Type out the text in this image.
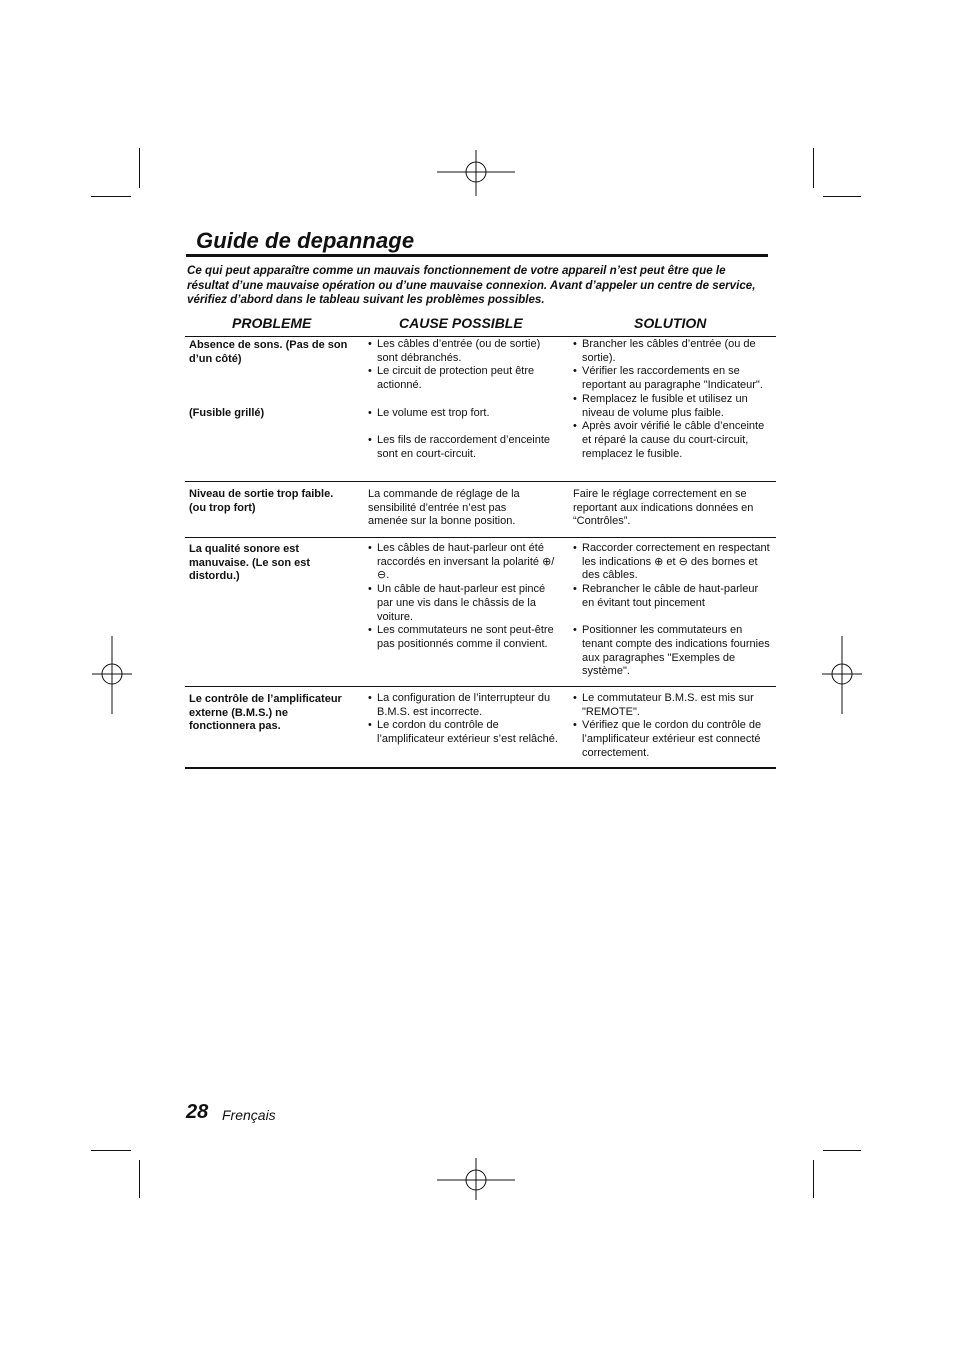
Guide de depannage
Ce qui peut apparaître comme un mauvais fonctionnement de votre appareil n’est peut être que le résultat d’une mauvaise opération ou d’une mauvaise connexion. Avant d’appeler un centre de service, vérifiez d’abord dans le tableau suivant les problèmes possibles.
PROBLEME	CAUSE POSSIBLE	SOLUTION
Absence de sons. (Pas de son d’un côté)
(Fusible grillé)
• Les câbles d’entrée (ou de sortie) sont débranchés.
• Le circuit de protection peut être actionné.
• Le volume est trop fort.
• Les fils de raccordement d’enceinte sont en court-circuit.
• Brancher les câbles d’entrée (ou de sortie).
• Vérifier les raccordements en se reportant au paragraphe "Indicateur".
• Remplacez le fusible et utilisez un niveau de volume plus faible.
• Après avoir vérifié le câble d’enceinte et réparé la cause du court-circuit, remplacez le fusible.
Niveau de sortie trop faible. (ou trop fort)
La commande de réglage de la sensibilité d’entrée n’est pas amenée sur la bonne position.
Faire le réglage correctement en se reportant aux indications données en “Contrôles”.
La qualité sonore est manuvaise. (Le son est distordu.)
• Les câbles de haut-parleur ont été raccordés en inversant la polarité ⊕/⊖.
• Un câble de haut-parleur est pincé par une vis dans le châssis de la voiture.
• Les commutateurs ne sont peut-être pas positionnés comme il convient.
• Raccorder correctement en respectant les indications ⊕ et ⊖ des bornes et des câbles.
• Rebrancher le câble de haut-parleur en évitant tout pincement
• Positionner les commutateurs en tenant compte des indications fournies aux paragraphes "Exemples de système".
Le contrôle de l’amplificateur externe (B.M.S.) ne fonctionnera pas.
• La configuration de l’interrupteur du B.M.S. est incorrecte.
• Le cordon du contrôle de l’amplificateur extérieur s’est relâché.
• Le commutateur B.M.S. est mis sur "REMOTE".
• Vérifiez que le cordon du contrôle de l’amplificateur extérieur est connecté correctement.
28 Frençais
